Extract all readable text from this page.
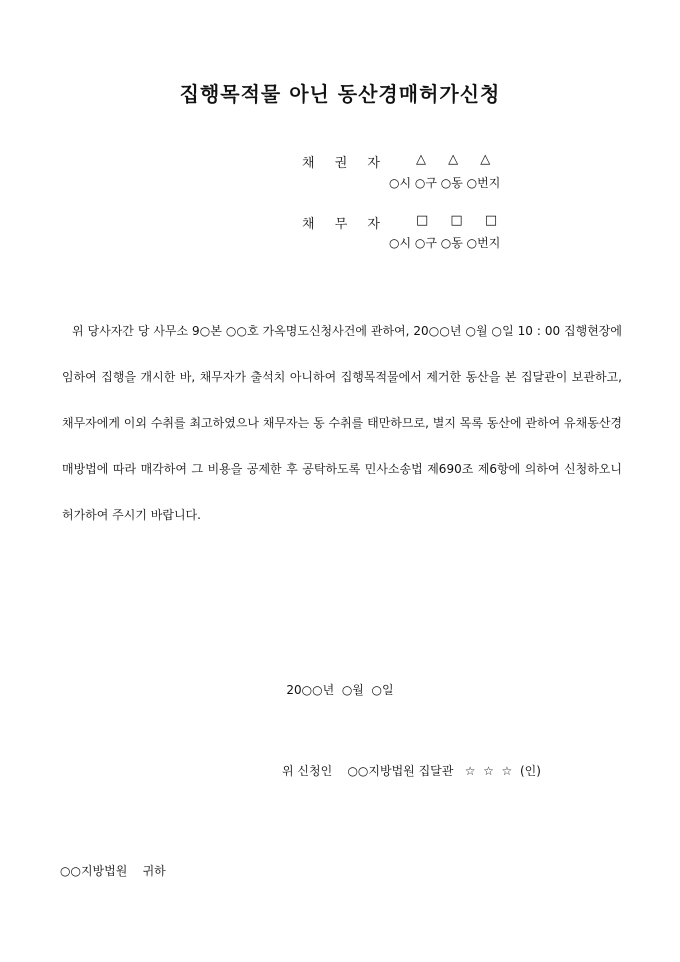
집행목적물 아닌 동산경매허가신청
채 권 자	△ △ △
○시 ○구 ○동 ○번지
채 무 자	□ □ □
○시 ○구 ○동 ○번지
위 당사자간 당 사무소 9○본 ○○호 가옥명도신청사건에 관하여, 20○○년 ○월 ○일 10 : 00 집행현장에 임하여 집행을 개시한 바, 채무자가 출석치 아니하여 집행목적물에서 제거한 동산을 본 집달관이 보관하고, 채무자에게 이외 수취를 최고하였으나 채무자는 동 수취를 태만하므로, 별지 목록 동산에 관하여 유채동산경매방법에 따라 매각하여 그 비용을 공제한 후 공탁하도록 민사소송법 제690조 제6항에 의하여 신청하오니 허가하여 주시기 바랍니다.
20○○년  ○월  ○일
위 신청인    ○○지방법원 집달관   ☆  ☆  ☆  (인)
○○지방법원    귀하
